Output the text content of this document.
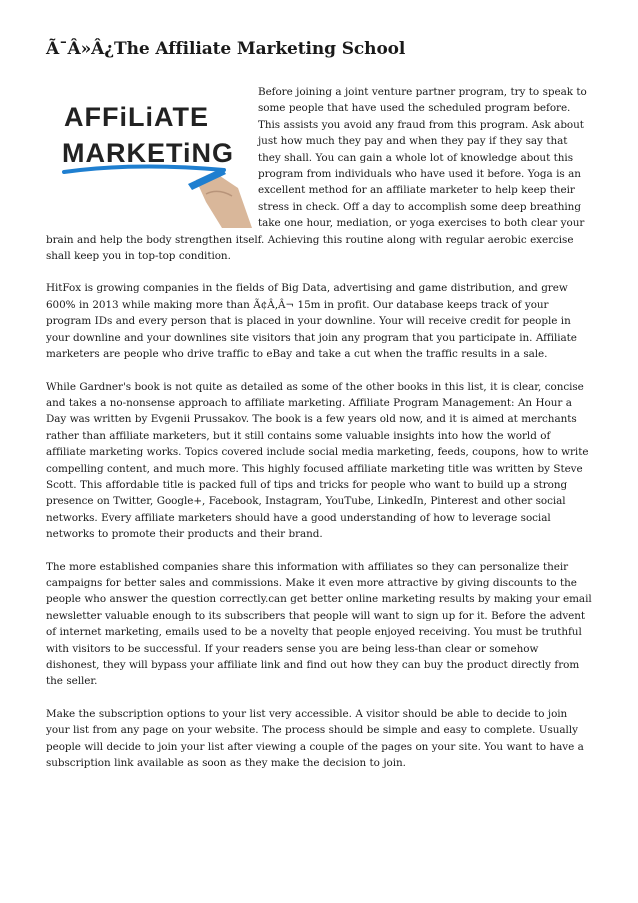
Ã¯Â»Â¿The Affiliate Marketing School
AFFiLiATE
MARKETiNG

Before joining a joint venture partner program, try to speak to some people that have used the scheduled program before. This assists you avoid any fraud from this program. Ask about just how much they pay and when they pay if they say that they shall. You can gain a whole lot of knowledge about this program from individuals who have used it before. Yoga is an excellent method for an affiliate marketer to help keep their stress in check. Off a day to accomplish some deep breathing take one hour, mediation, or yoga exercises to both clear your brain and help the body strengthen itself. Achieving this routine along with regular aerobic exercise shall keep you in top-top condition.

HitFox is growing companies in the fields of Big Data, advertising and game distribution, and grew 600% in 2013 while making more than Ã¢Â‚Â¬ 15m in profit. Our database keeps track of your program IDs and every person that is placed in your downline. Your will receive credit for people in your downline and your downlines site visitors that join any program that you participate in. Affiliate marketers are people who drive traffic to eBay and take a cut when the traffic results in a sale.

While Gardner's book is not quite as detailed as some of the other books in this list, it is clear, concise and takes a no-nonsense approach to affiliate marketing. Affiliate Program Management: An Hour a Day was written by Evgenii Prussakov. The book is a few years old now, and it is aimed at merchants rather than affiliate marketers, but it still contains some valuable insights into how the world of affiliate marketing works. Topics covered include social media marketing, feeds, coupons, how to write compelling content, and much more. This highly focused affiliate marketing title was written by Steve Scott. This affordable title is packed full of tips and tricks for people who want to build up a strong presence on Twitter, Google+, Facebook, Instagram, YouTube, LinkedIn, Pinterest and other social networks. Every affiliate marketers should have a good understanding of how to leverage social networks to promote their products and their brand.

The more established companies share this information with affiliates so they can personalize their campaigns for better sales and commissions. Make it even more attractive by giving discounts to the people who answer the question correctly.can get better online marketing results by making your email newsletter valuable enough to its subscribers that people will want to sign up for it. Before the advent of internet marketing, emails used to be a novelty that people enjoyed receiving. You must be truthful with visitors to be successful. If your readers sense you are being less-than clear or somehow dishonest, they will bypass your affiliate link and find out how they can buy the product directly from the seller.

Make the subscription options to your list very accessible. A visitor should be able to decide to join your list from any page on your website. The process should be simple and easy to complete. Usually people will decide to join your list after viewing a couple of the pages on your site. You want to have a subscription link available as soon as they make the decision to join.
